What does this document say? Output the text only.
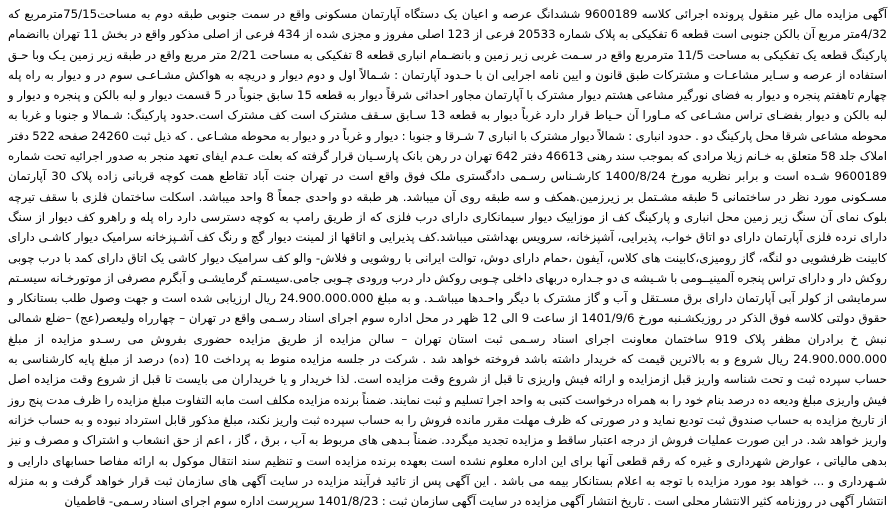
آگهی مزایده مال غیر منقول پرونده اجرائی کلاسه 9600189 ششدانگ عرصه و اعیان یک دستگاه آپارتمان مسکونی واقع در سمت جنوبی طبقه دوم به مساحت75/15مترمربع که 4/32متر مربع آن بالکن جنوبی است قطعه 6 تفکیکی به پلاک شماره 20533 فرعی از 123 اصلی مفروز و مجزی شده از 434 فرعی از اصلی مذکور واقع در بخش 11 تهران باانضمام پارکینگ قطعه یک تفکیکی به مساحت 11/5 مترمربع واقع در سـمت غربی زیر زمین و بانضـمام انباری قطعه 8 تفکیکی به مساحت 2/21 متر مربع واقع در طبقه زیر زمین یـک وبا حـق استفاده از عرصه و سـایر مشاعـات و مشترکات طبق قانون و ایین نامه اجرایی ان با حـدود آپارتمان : شـمالاً اول و دوم دیوار و دریچه به هواکش مشـاعـی سوم در و دیوار به راه پله چهارم تاهفتم پنجره و دیوار به فضای نورگیر مشاعی هشتم دیوار مشترک با آپارتمان مجاور احداثی شرقاً دیوار به قطعه 15 سابق جنوباً در 5 قسمت دیوار و لبه بالکن و پنجره و دیوار و لبه بالکن و دیوار بفضـای تراس مشـاعی که مـاورا آن حـیاط قرار دارد غرباً دیوار به قطعه 13 سـابق سـقف مشترک است کف مشترک است.حدود پارکینگ: شـمالا و جنوبا و غربا به محوطه مشاعی شرقا محل پارکینگ دو . حدود انباری : شمالاً دیوار مشترک با انباری 7 شـرقا و جنوبا : دیوار و غرباً در و دیوار به محوطه مشـاعی . که ذیل ثبت 24260 صفحه 522 دفتر املاک جلد 58 متعلق به خـانم زیلا مرادی که بموجب سند رهنی 46613 دفتر 642 تهران در رهن بانک پارسـیان قرار گرفته که بعلت عـدم ایفای تعهد منجر به صدور اجرائیه تحت شماره 9600189 شـده است و برابر نظریه مورخ 1400/8/24 کارشـناس رسـمی دادگستری ملک فوق واقع است در تهران جنت آباد تقاطع همت کوچه قربانی زاده پلاک 30 آپارتمان مسـکونی مورد نظر در ساختمانی 5 طبقه مشـتمل بر زیرزمین.همکف و سه طبقه روی آن میباشد. هر طبقه دو واحدی جمعاً 8 واحد میباشد. اسکلت ساختمان فلزی با سقف تیرچه بلوک نمای آن سنگ زیر زمین محل انباری و پارکینگ کف از موزاییک دیوار سیمانکاری دارای درب فلزی که از طریق رامپ به کوچه دسترسی دارد راه پله و راهرو کف دیوار از سنگ دارای نرده فلزی آپارتمان دارای دو اتاق خواب، پذیرایی، آشپزخانه، سرویس بهداشتی میباشد.کف پذیرایی و اتاقها از لمینت دیوار گچ و رنگ کف آشـپزخانه سرامیک دیوار کاشـی دارای کابینت ظرفشویی دو لنگه، گاز رومیزی،کابینت های کلاس، آیفون ،حمام دارای دوش، توالت ایرانی با روشویی و فلاش- والو کف سرامیک دیوار کاشی یک اتاق دارای کمد با درب چوبی روکش دار و دارای تراس پنجره آلمینیــومی با شـیشه ی دو جـداره دربهای داخلی چـوبی روکش دار درب ورودی چـوبی جامی.سیسـتم گرمایشـی و آبگرم مصرفی از موتورخـانه سیسـتم سرمایشی از کولر آبی آپارتمان دارای برق مسـتقل و آب و گاز مشترک با دیگر واحـدها میباشـد. و به مبلغ 24.900.000.000 ریال ارزیابی شده است و جهت وصول طلب بستانکار و حقوق دولتی کلاسه فوق الذکر در روزیکشـنبه مورخ 1401/9/6 از ساعت 9 الی 12 ظهر در محل اداره سوم اجرای اسناد رسـمی واقع در تهران – چهارراه ولیعصر(عج) –ضلع شمالی نبش خ برادران مظفر پلاک 919 ساختمان معاونت اجرای اسناد رسـمی ثبت استان تهران – سالن مزایده از طریق مزایده حضوری بفروش می رسـدو مزایده از مبلغ 24.900.000.000 ریال شروع و به بالاترین قیمت که خریدار داشته باشد فروخته خواهد شد . شرکت در جلسه مزایده منوط به پرداخت 10 (ده) درصد از مبلغ پایه کارشناسی به حساب سپرده ثبت و تحت شناسه واریز قبل ازمزایده و ارائه فیش واریزی تا قبل از شروع وقت مزایده است. لذا خریدار و یا خریداران می بایست تا قبل از شروع وقت مزایده اصل فیش واریزی مبلغ ودیعه ده درصد بنام خود را به همراه درخواست کتبی به واحد اجرا تسلیم و ثبت نمایند. ضمناً برنده مزایده مکلف است مابه التفاوت مبلغ مزایده را ظرف مدت پنج روز از تاریخ مزایده به حساب صندوق ثبت تودیع نماید و در صورتی که ظرف مهلت مقرر مانده فروش را به حساب سپرده ثبت واریز نکند، مبلغ مذکور قابل استرداد نبوده و به حساب خزانه واریز خواهد شد. در این صورت عملیات فروش از درجه اعتبار ساقط و مزایده تجدید میگردد. ضمناً بـدهی های مربوط به آب ، برق ، گاز ، اعم از حق انشعاب و اشتراک و مصرف و نیز بدهی مالیاتی ، عوارض شهرداری و غیره که رقم قطعی آنها برای این اداره معلوم نشده است بعهده برنده مزایده است و تنظیم سند انتقال موکول به ارائه مفاصا حسابهای دارایی و شـهرداری و ... خواهد بود مورد مزایده با توجه به اعلام بستانکار بیمه می باشد . این آگهی پس از تائید فرآیند مزایده در سایت آگهی های سازمان ثبت قرار خواهد گرفت و به منزله انتشار آگهی در روزنامه کثیر الانتشار محلی است . تاریخ انتشار آگهی مزایده در سایت آگهی سازمان ثبت : 1401/8/23 سرپرست اداره سوم اجرای اسناد رسـمی- قاطمیان
